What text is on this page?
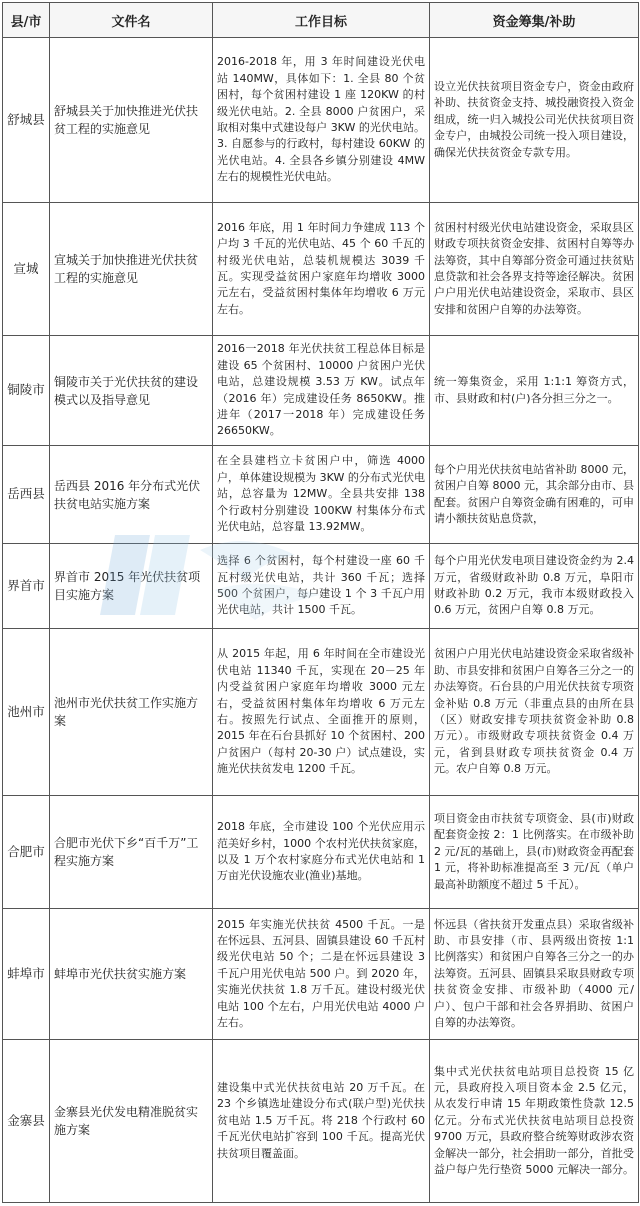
县/市	文件名	工作目标	资金筹集/补助
舒城县	舒城县关于加快推进光伏扶贫工程的实施意见	2016-2018 年，用 3 年时间建设光伏电站 140MW，具体如下：1. 全县 80 个贫困村，每个贫困村建设 1 座 120KW 的村级光伏电站。2. 全县 8000 户贫困户，采取相对集中式建设每户 3KW 的光伏电站。3. 自愿参与的行政村，每村建设 60KW 的光伏电站。4. 全县各乡镇分别建设 4MW左右的规模性光伏电站。	设立光伏扶贫项目资金专户，资金由政府补助、扶贫资金支持、城投融资投入资金组成，统一归入城投公司光伏扶贫项目资金专户，由城投公司统一投入项目建设，确保光伏扶贫资金专款专用。
宣城	宣城关于加快推进光伏扶贫工程的实施意见	2016 年底，用 1 年时间力争建成 113 个户均 3 千瓦的光伏电站、45 个 60 千瓦的村级光伏电站，总装机规模达 3039 千瓦。实现受益贫困户家庭年均增收 3000 元左右，受益贫困村集体年均增收 6 万元左右。	贫困村村级光伏电站建设资金，采取县区财政专项扶贫资金安排、贫困村自筹等办法筹资，其中自筹部分资金可通过扶贫贴息贷款和社会各界支持等途径解决。贫困户户用光伏电站建设资金，采取市、县区安排和贫困户自筹的办法筹资。
铜陵市	铜陵市关于光伏扶贫的建设模式以及指导意见	2016一2018 年光伏扶贫工程总体目标是建设 65 个贫困村、10000 户贫困户光伏电站，总建设规模 3.53 万 KW。试点年（2016 年）完成建设任务 8650KW。推进年（2017一2018 年）完成建设任务 26650KW。	统一筹集资金，采用 1:1:1 筹资方式，市、县财政和村(户)各分担三分之一。
岳西县	岳西县 2016 年分布式光伏扶贫电站实施方案	在全县建档立卡贫困户中，筛选 4000 户，单体建设规模为 3KW 的分布式光伏电站，总容量为 12MW。全县共安排 138 个行政村分别建设 100KW 村集体分布式光伏电站，总容量 13.92MW。	每个户用光伏扶贫电站省补助 8000 元，贫困户自筹 8000 元，其余部分由市、县配套。贫困户自筹资金确有困难的，可申请小额扶贫贴息贷款，
界首市	界首市 2015 年光伏扶贫项目实施方案	选择 6 个贫困村，每个村建设一座 60 千瓦村级光伏电站，共计 360 千瓦；选择 500 个贫困户，每户建设 1 个 3 千瓦户用光伏电站，共计 1500 千瓦。	每个户用光伏发电项目建设资金约为 2.4 万元，省级财政补助 0.8 万元，阜阳市财政补助 0.2 万元，我市本级财政投入 0.6 万元，贫困户自筹 0.8 万元。
池州市	池州市光伏扶贫工作实施方案	从 2015 年起，用 6 年时间在全市建设光伏电站 11340 千瓦，实现在 20－25 年内受益贫困户家庭年均增收 3000 元左右，受益贫困村集体年均增收 6 万元左右。按照先行试点、全面推开的原则，2015 年在石台县抓好 10 个贫困村、200 户贫困户（每村 20-30 户）试点建设，实施光伏扶贫发电 1200 千瓦。	贫困户户用光伏电站建设资金采取省级补助、市县安排和贫困户自筹各三分之一的办法筹资。石台县的户用光伏扶贫专项资金补贴 0.8 万元（非重点县的由所在县（区）财政安排专项扶贫资金补助 0.8 万元）。市级财政专项扶贫资金 0.4 万元，省到县财政专项扶贫资金 0.4 万元。农户自筹 0.8 万元。
合肥市	合肥市光伏下乡“百千万”工程实施方案	2018 年底，全市建设 100 个光伏应用示范美好乡村，1000 个农村光伏扶贫家庭，以及 1 万个农村家庭分布式光伏电站和 1 万亩光伏设施农业(渔业)基地。	项目资金由市扶贫专项资金、县(市)财政配套资金按 2：1 比例落实。在市级补助 2 元/瓦的基础上，县(市)财政资金再配套 1 元，将补助标准提高至 3 元/瓦（单户最高补助额度不超过 5 千瓦）。
蚌埠市	蚌埠市光伏扶贫实施方案	2015 年实施光伏扶贫 4500 千瓦。一是在怀远县、五河县、固镇县建设 60 千瓦村级光伏电站 50 个；二是在怀远县建设 3 千瓦户用光伏电站 500 户。到 2020 年，实施光伏扶贫 1.8 万千瓦。建设村级光伏电站 100 个左右，户用光伏电站 4000 户左右。	怀远县（省扶贫开发重点县）采取省级补助、市县安排（市、县两级出资按 1:1 比例落实）和贫困户自筹各三分之一的办法筹资。五河县、固镇县采取县财政专项扶贫资金安排、市级补助（4000 元/户）、包户干部和社会各界捐助、贫困户自筹的办法筹资。
金寨县	金寨县光伏发电精准脱贫实施方案	建设集中式光伏扶贫电站 20 万千瓦。在 23 个乡镇选址建设分布式(联户型)光伏扶贫电站 1.5 万千瓦。将 218 个行政村 60 千瓦光伏电站扩容到 100 千瓦。提高光伏扶贫项目覆盖面。	集中式光伏扶贫电站项目总投资 15 亿元，县政府投入项目资本金 2.5 亿元，从农发行申请 15 年期政策性贷款 12.5 亿元。分布式光伏扶贫电站项目总投资 9700 万元，县政府整合统筹财政涉农资金解决一部分，社会捐助一部分，首批受益户每户先行垫资 5000 元解决一部分。
